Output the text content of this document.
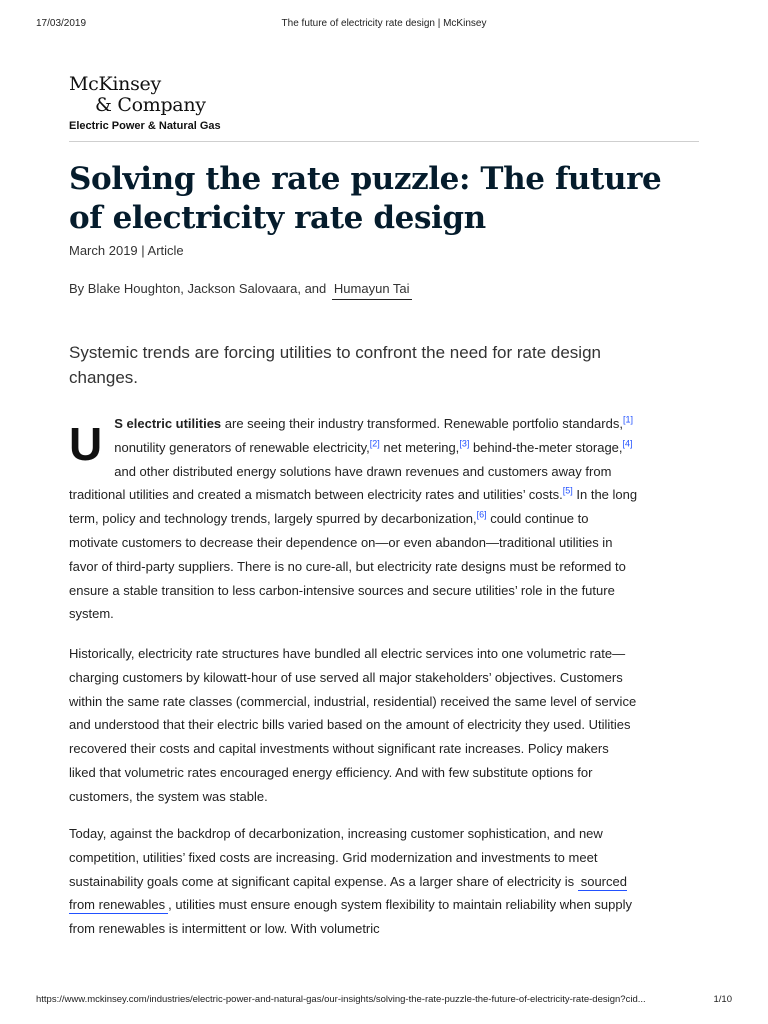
17/03/2019	The future of electricity rate design | McKinsey
McKinsey
& Company
Electric Power & Natural Gas
Solving the rate puzzle: The future of electricity rate design
March 2019 | Article
By Blake Houghton, Jackson Salovaara, and Humayun Tai

Systemic trends are forcing utilities to confront the need for rate design changes.

U S electric utilities are seeing their industry transformed. Renewable portfolio standards,[1] nonutility generators of renewable electricity,[2] net metering,[3] behind-the-meter storage,[4] and other distributed energy solutions have drawn revenues and customers away from traditional utilities and created a mismatch between electricity rates and utilities’ costs.[5] In the long term, policy and technology trends, largely spurred by decarbonization,[6] could continue to motivate customers to decrease their dependence on—or even abandon—traditional utilities in favor of third-party suppliers. There is no cure-all, but electricity rate designs must be reformed to ensure a stable transition to less carbon-intensive sources and secure utilities’ role in the future system.

Historically, electricity rate structures have bundled all electric services into one volumetric rate—charging customers by kilowatt-hour of use served all major stakeholders’ objectives. Customers within the same rate classes (commercial, industrial, residential) received the same level of service and understood that their electric bills varied based on the amount of electricity they used. Utilities recovered their costs and capital investments without significant rate increases. Policy makers liked that volumetric rates encouraged energy efficiency. And with few substitute options for customers, the system was stable.

Today, against the backdrop of decarbonization, increasing customer sophistication, and new competition, utilities’ fixed costs are increasing. Grid modernization and investments to meet sustainability goals come at significant capital expense. As a larger share of electricity is sourced from renewables , utilities must ensure enough system flexibility to maintain reliability when supply from renewables is intermittent or low. With volumetric

https://www.mckinsey.com/industries/electric-power-and-natural-gas/our-insights/solving-the-rate-puzzle-the-future-of-electricity-rate-design?cid...	1/10
